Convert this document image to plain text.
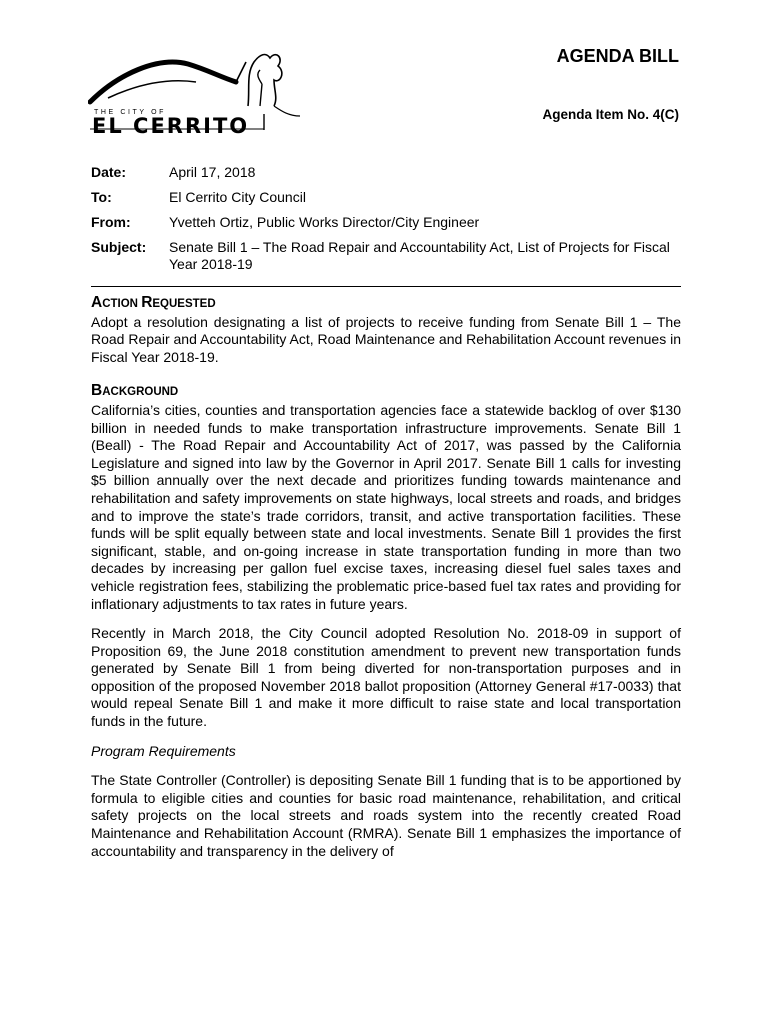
THE CITY OF
EL CERRITO
AGENDA BILL
Agenda Item No. 4(C)
Date:	April 17, 2018
To:	El Cerrito City Council
From:	Yvetteh Ortiz, Public Works Director/City Engineer
Subject:	Senate Bill 1 – The Road Repair and Accountability Act, List of Projects for Fiscal Year 2018-19
ACTION REQUESTED

Adopt a resolution designating a list of projects to receive funding from Senate Bill 1 – The Road Repair and Accountability Act, Road Maintenance and Rehabilitation Account revenues in Fiscal Year 2018-19.

BACKGROUND

California’s cities, counties and transportation agencies face a statewide backlog of over $130 billion in needed funds to make transportation infrastructure improvements. Senate Bill 1 (Beall) - The Road Repair and Accountability Act of 2017, was passed by the California Legislature and signed into law by the Governor in April 2017. Senate Bill 1 calls for investing $5 billion annually over the next decade and prioritizes funding towards maintenance and rehabilitation and safety improvements on state highways, local streets and roads, and bridges and to improve the state’s trade corridors, transit, and active transportation facilities. These funds will be split equally between state and local investments. Senate Bill 1 provides the first significant, stable, and on-going increase in state transportation funding in more than two decades by increasing per gallon fuel excise taxes, increasing diesel fuel sales taxes and vehicle registration fees, stabilizing the problematic price-based fuel tax rates and providing for inflationary adjustments to tax rates in future years.

Recently in March 2018, the City Council adopted Resolution No. 2018-09 in support of Proposition 69, the June 2018 constitution amendment to prevent new transportation funds generated by Senate Bill 1 from being diverted for non-transportation purposes and in opposition of the proposed November 2018 ballot proposition (Attorney General #17-0033) that would repeal Senate Bill 1 and make it more difficult to raise state and local transportation funds in the future.

Program Requirements

The State Controller (Controller) is depositing Senate Bill 1 funding that is to be apportioned by formula to eligible cities and counties for basic road maintenance, rehabilitation, and critical safety projects on the local streets and roads system into the recently created Road Maintenance and Rehabilitation Account (RMRA). Senate Bill 1 emphasizes the importance of accountability and transparency in the delivery of
